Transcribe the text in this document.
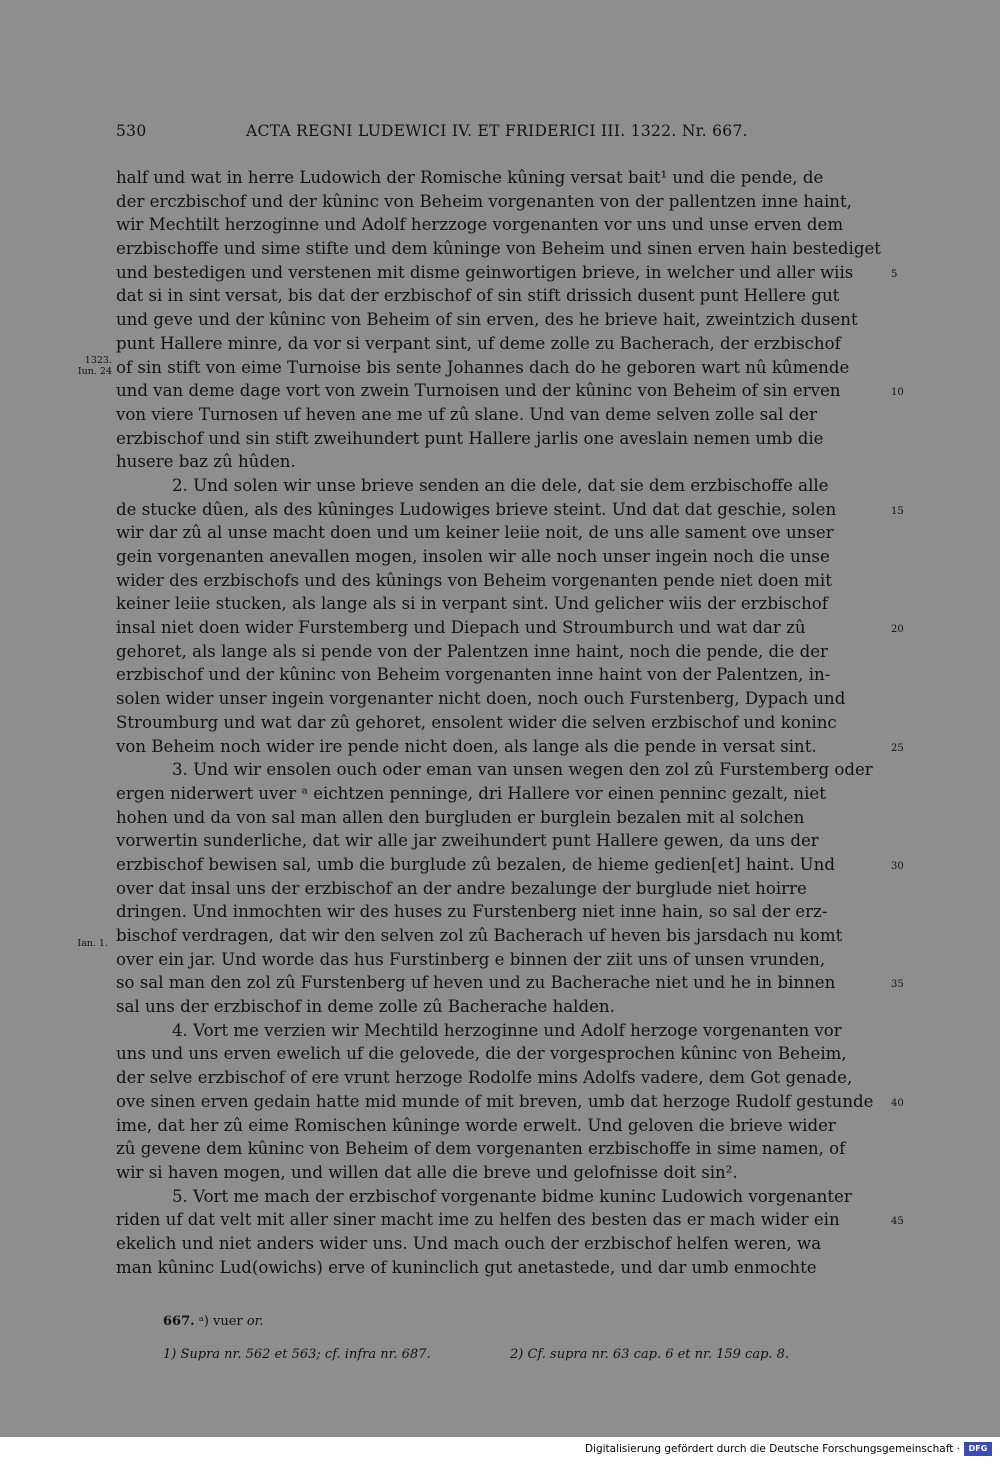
530	ACTA REGNI LUDEWICI IV. ET FRIDERICI III. 1322. Nr. 667.
half und wat in herre Ludowich der Romische kûning versat bait¹ und die pende, de
der erczbischof und der kûninc von Beheim vorgenanten von der pallentzen inne haint,
wir Mechtilt herzoginne und Adolf herzzoge vorgenanten vor uns und unse erven dem
erzbischoffe und sime stifte und dem kûninge von Beheim und sinen erven hain bestediget
und bestedigen und verstenen mit disme geinwortigen brieve, in welcher und aller wiis	5
dat si in sint versat, bis dat der erzbischof of sin stift drissich dusent punt Hellere gut
und geve und der kûninc von Beheim of sin erven, des he brieve hait, zweintzich dusent
punt Hallere minre, da vor si verpant sint, uf deme zolle zu Bacherach, der erzbischof
of sin stift von eime Turnoise bis sente Johannes dach do he geboren wart nû kûmende
und van deme dage vort von zwein Turnoisen und der kûninc von Beheim of sin erven	10
von viere Turnosen uf heven ane me uf zû slane. Und van deme selven zolle sal der
erzbischof und sin stift zweihundert punt Hallere jarlis one aveslain nemen umb die
husere baz zû hûden.
2. Und solen wir unse brieve senden an die dele, dat sie dem erzbischoffe alle
de stucke dûen, als des kûninges Ludowiges brieve steint. Und dat dat geschie, solen	15
wir dar zû al unse macht doen und um keiner leiie noit, de uns alle sament ove unser
gein vorgenanten anevallen mogen, insolen wir alle noch unser ingein noch die unse
wider des erzbischofs und des kûnings von Beheim vorgenanten pende niet doen mit
keiner leiie stucken, als lange als si in verpant sint. Und gelicher wiis der erzbischof
insal niet doen wider Furstemberg und Diepach und Stroumburch und wat dar zû	20
gehoret, als lange als si pende von der Palentzen inne haint, noch die pende, die der
erzbischof und der kûninc von Beheim vorgenanten inne haint von der Palentzen, in-
solen wider unser ingein vorgenanter nicht doen, noch ouch Furstenberg, Dypach und
Stroumburg und wat dar zû gehoret, ensolent wider die selven erzbischof und koninc
von Beheim noch wider ire pende nicht doen, als lange als die pende in versat sint.	25
3. Und wir ensolen ouch oder eman van unsen wegen den zol zû Furstemberg oder
ergen niderwert uver ᵃ eichtzen penninge, dri Hallere vor einen penninc gezalt, niet
hohen und da von sal man allen den burgluden er burglein bezalen mit al solchen
vorwertin sunderliche, dat wir alle jar zweihundert punt Hallere gewen, da uns der
erzbischof bewisen sal, umb die burglude zû bezalen, de hieme gedien[et] haint. Und	30
over dat insal uns der erzbischof an der andre bezalunge der burglude niet hoirre
dringen. Und inmochten wir des huses zu Furstenberg niet inne hain, so sal der erz-
bischof verdragen, dat wir den selven zol zû Bacherach uf heven bis jarsdach nu komt
over ein jar. Und worde das hus Furstinberg e binnen der ziit uns of unsen vrunden,
so sal man den zol zû Furstenberg uf heven und zu Bacherache niet und he in binnen	35
sal uns der erzbischof in deme zolle zû Bacherache halden.
4. Vort me verzien wir Mechtild herzoginne und Adolf herzoge vorgenanten vor
uns und uns erven ewelich uf die gelovede, die der vorgesprochen kûninc von Beheim,
der selve erzbischof of ere vrunt herzoge Rodolfe mins Adolfs vadere, dem Got genade,
ove sinen erven gedain hatte mid munde of mit breven, umb dat herzoge Rudolf gestunde 40
ime, dat her zû eime Romischen kûninge worde erwelt. Und geloven die brieve wider
zû gevene dem kûninc von Beheim of dem vorgenanten erzbischoffe in sime namen, of
wir si haven mogen, und willen dat alle die breve und gelofnisse doit sin².
5. Vort me mach der erzbischof vorgenante bidme kuninc Ludowich vorgenanter
riden uf dat velt mit aller siner macht ime zu helfen des besten das er mach wider ein	45
ekelich und niet anders wider uns. Und mach ouch der erzbischof helfen weren, wa
man kûninc Lud(owichs) erve of kuninclich gut anetastede, und dar umb enmochte
1323.
Iun. 24
Ian. 1.
667. ᵃ) vuer or.
1) Supra nr. 562 et 563; cf. infra nr. 687.	2) Cf. supra nr. 63 cap. 6 et nr. 159 cap. 8.
Digitalisierung gefördert durch die Deutsche Forschungsgemeinschaft ·	DFG
